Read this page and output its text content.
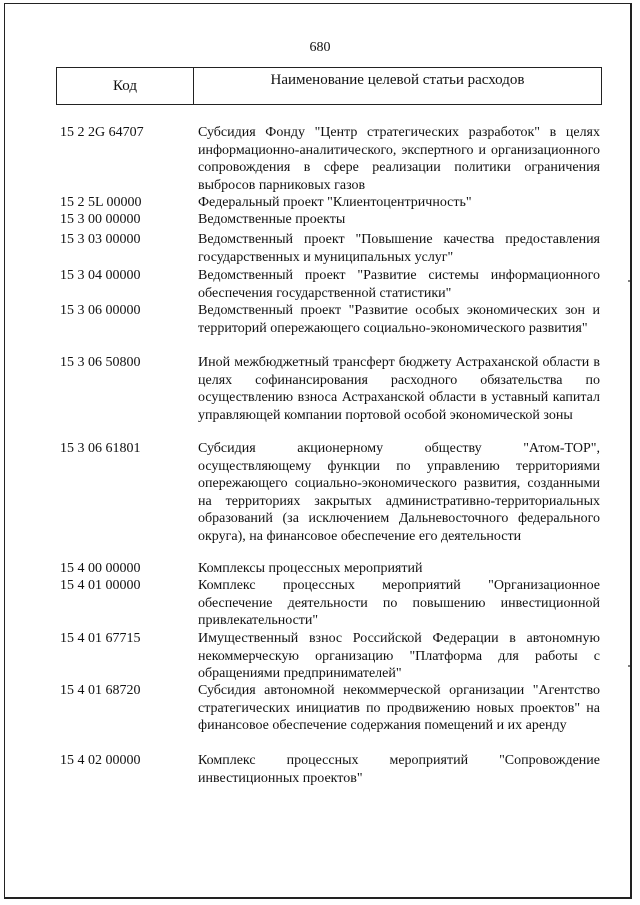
680
Код	Наименование целевой статьи расходов
15 2 2G 64707	Субсидия Фонду "Центр стратегических разработок" в целях информационно-аналитического, экспертного и организационного сопровождения в сфере реализации политики ограничения выбросов парниковых газов
15 2 5L 00000	Федеральный проект "Клиентоцентричность"
15 3 00 00000	Ведомственные проекты
15 3 03 00000	Ведомственный проект "Повышение качества предоставления государственных и муниципальных услуг"
15 3 04 00000	Ведомственный проект "Развитие системы информационного обеспечения государственной статистики"
15 3 06 00000	Ведомственный проект "Развитие особых экономических зон и территорий опережающего социально-экономического развития"
15 3 06 50800	Иной межбюджетный трансферт бюджету Астраханской области в целях софинансирования расходного обязательства по осуществлению взноса Астраханской области в уставный капитал управляющей компании портовой особой экономической зоны
15 3 06 61801	Субсидия акционерному обществу "Атом-ТОР", осуществляющему функции по управлению территориями опережающего социально-экономического развития, созданными на территориях закрытых административно-территориальных образований (за исключением Дальневосточного федерального округа), на финансовое обеспечение его деятельности
15 4 00 00000	Комплексы процессных мероприятий
15 4 01 00000	Комплекс процессных мероприятий "Организационное обеспечение деятельности по повышению инвестиционной привлекательности"
15 4 01 67715	Имущественный взнос Российской Федерации в автономную некоммерческую организацию "Платформа для работы с обращениями предпринимателей"
15 4 01 68720	Субсидия автономной некоммерческой организации "Агентство стратегических инициатив по продвижению новых проектов" на финансовое обеспечение содержания помещений и их аренду
15 4 02 00000	Комплекс процессных мероприятий "Сопровождение инвестиционных проектов"
